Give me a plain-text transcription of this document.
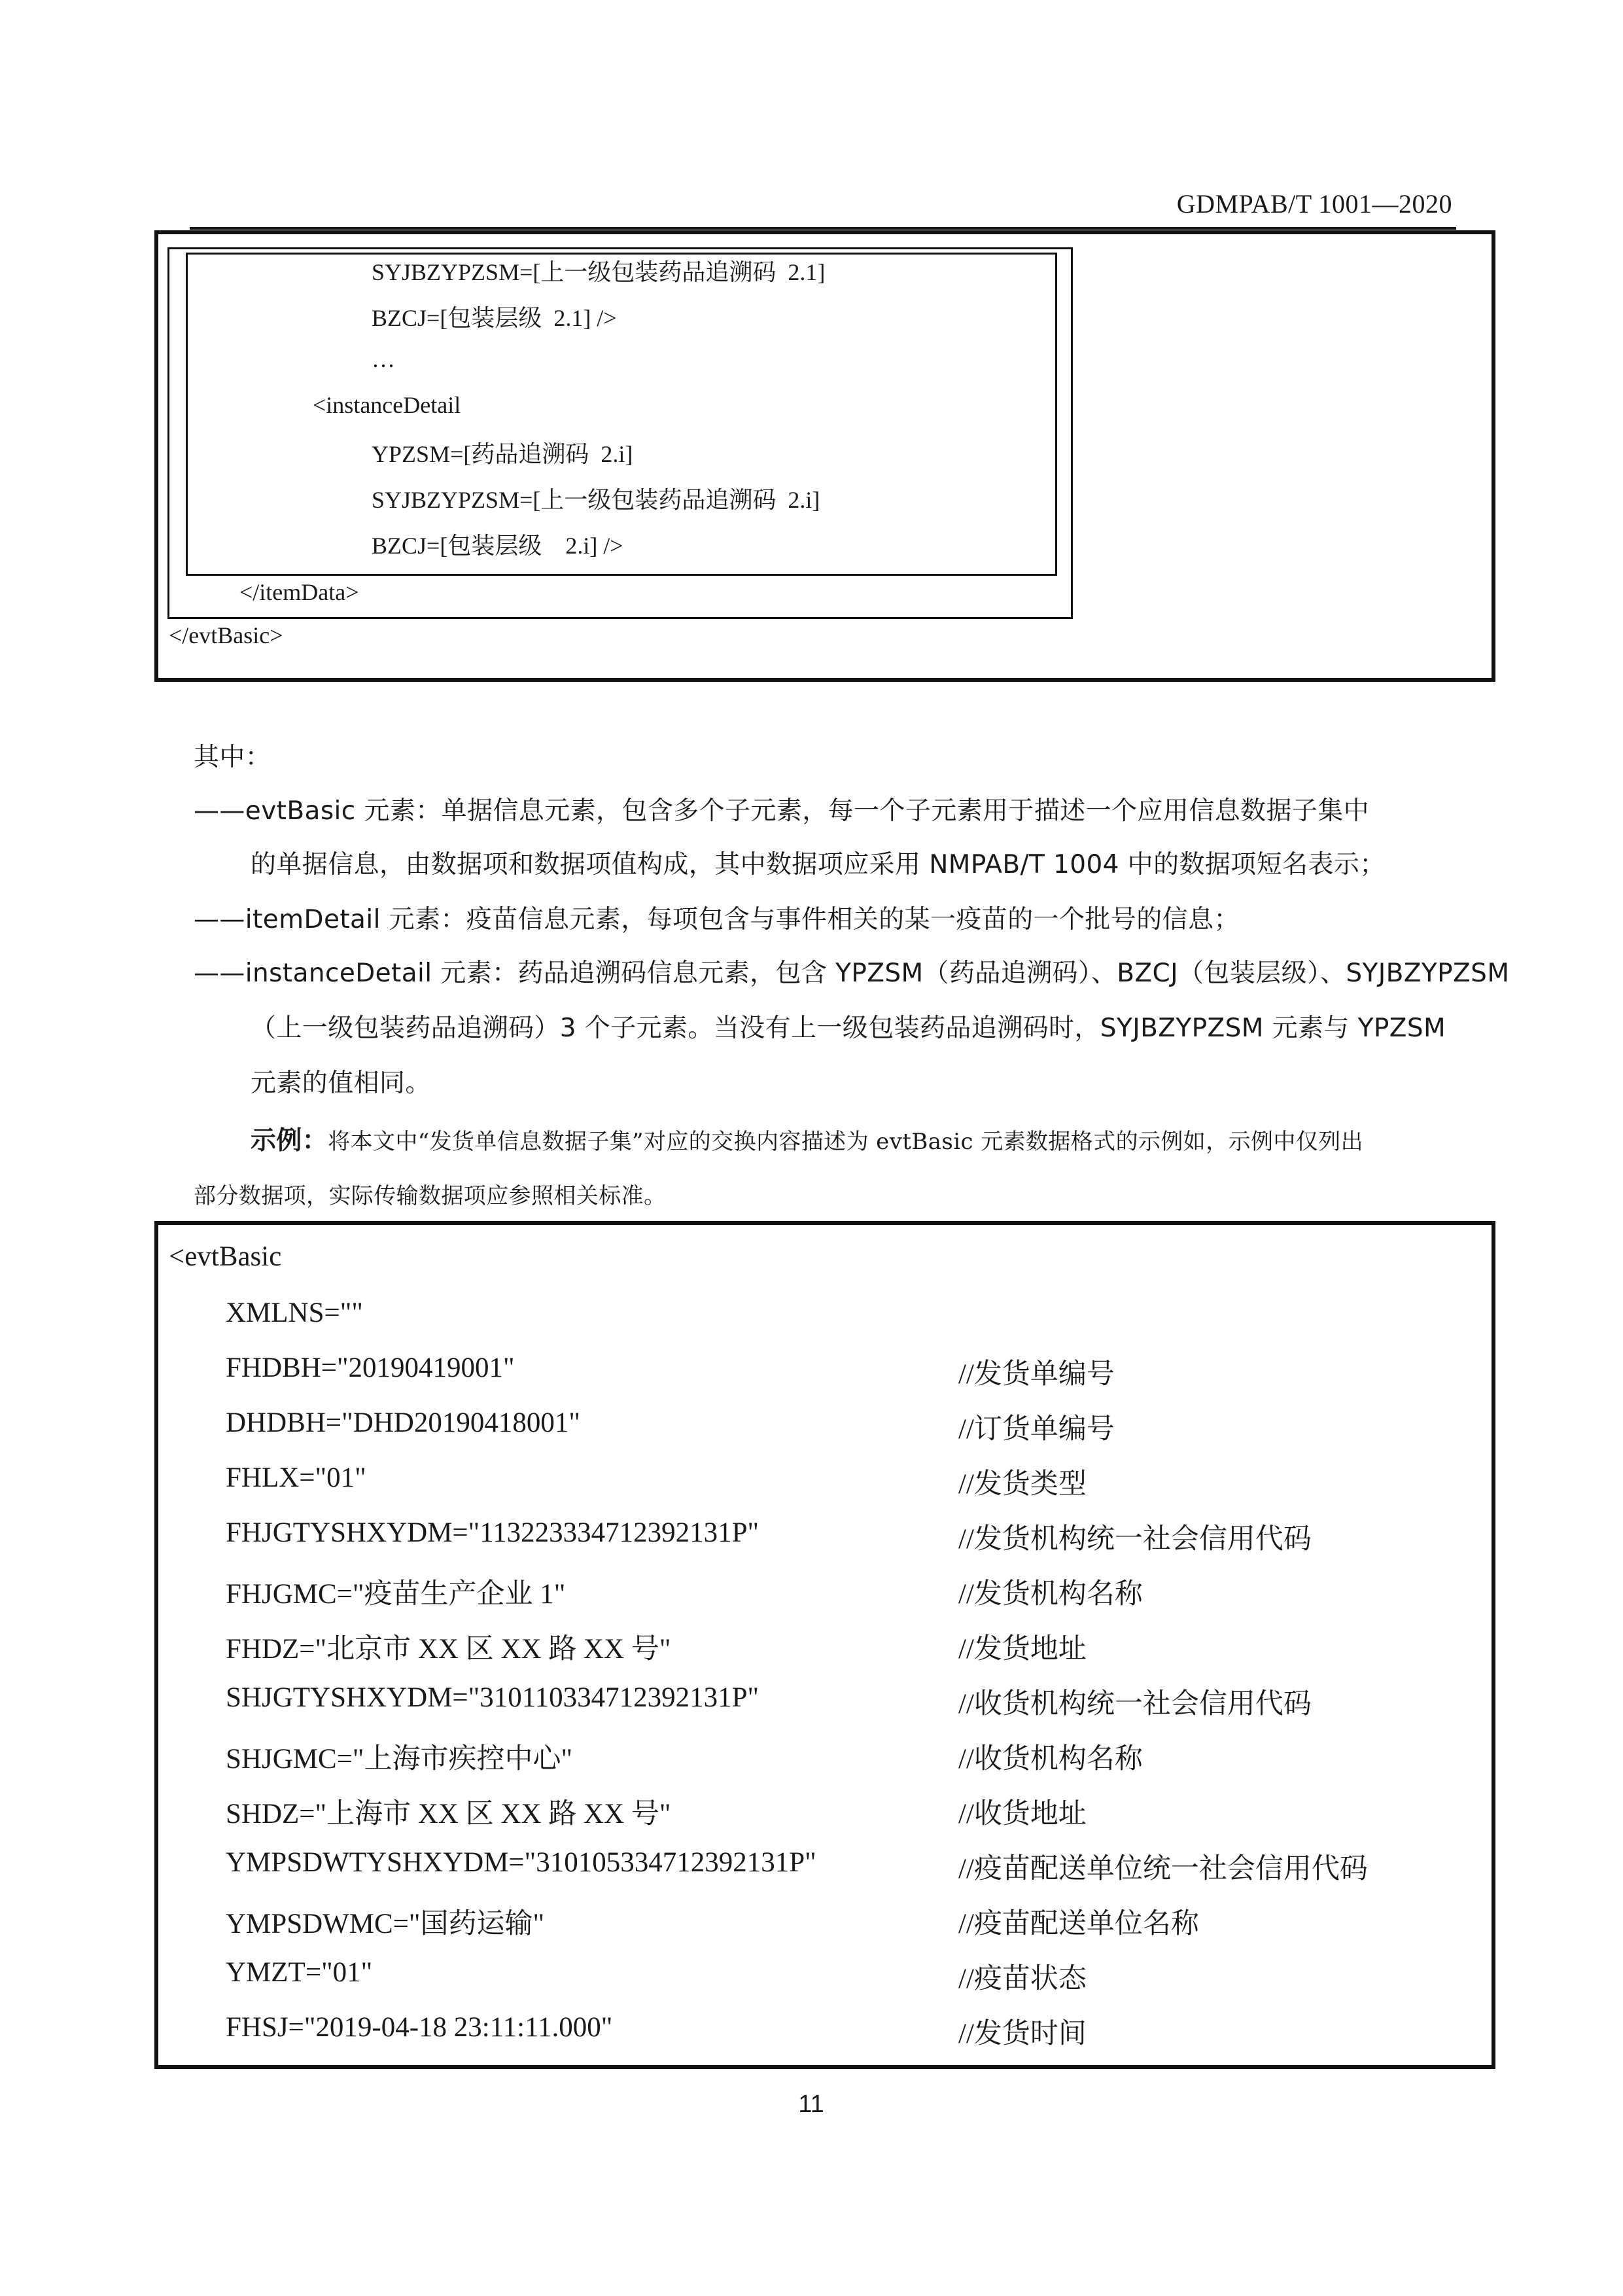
GDMPAB/T 1001—2020
SYJBZYPZSM=[上一级包装药品追溯码  2.1]
BZCJ=[包装层级  2.1] />
…
<instanceDetail
YPZSM=[药品追溯码  2.i]
SYJBZYPZSM=[上一级包装药品追溯码  2.i]
BZCJ=[包装层级    2.i] />
</itemData>
</evtBasic>
其中：
——evtBasic 元素：单据信息元素，包含多个子元素，每一个子元素用于描述一个应用信息数据子集中
的单据信息，由数据项和数据项值构成，其中数据项应采用 NMPAB/T 1004 中的数据项短名表示；
——itemDetail 元素：疫苗信息元素，每项包含与事件相关的某一疫苗的一个批号的信息；
——instanceDetail 元素：药品追溯码信息元素，包含 YPZSM（药品追溯码）、BZCJ（包装层级）、SYJBZYPZSM
（上一级包装药品追溯码）3 个子元素。当没有上一级包装药品追溯码时，SYJBZYPZSM 元素与 YPZSM
元素的值相同。
示例：将本文中“发货单信息数据子集”对应的交换内容描述为 evtBasic 元素数据格式的示例如，示例中仅列出
部分数据项，实际传输数据项应参照相关标准。
<evtBasic
XMLNS=""
FHDBH="20190419001"	//发货单编号
DHDBH="DHD20190418001"	//订货单编号
FHLX="01"	//发货类型
FHJGTYSHXYDM="113223334712392131P"	//发货机构统一社会信用代码
FHJGMC="疫苗生产企业 1"	//发货机构名称
FHDZ="北京市 XX 区 XX 路 XX 号"	//发货地址
SHJGTYSHXYDM="310110334712392131P"	//收货机构统一社会信用代码
SHJGMC="上海市疾控中心"	//收货机构名称
SHDZ="上海市 XX 区 XX 路 XX 号"	//收货地址
YMPSDWTYSHXYDM="310105334712392131P"	//疫苗配送单位统一社会信用代码
YMPSDWMC="国药运输"	//疫苗配送单位名称
YMZT="01"	//疫苗状态
FHSJ="2019-04-18 23:11:11.000"	//发货时间
11
